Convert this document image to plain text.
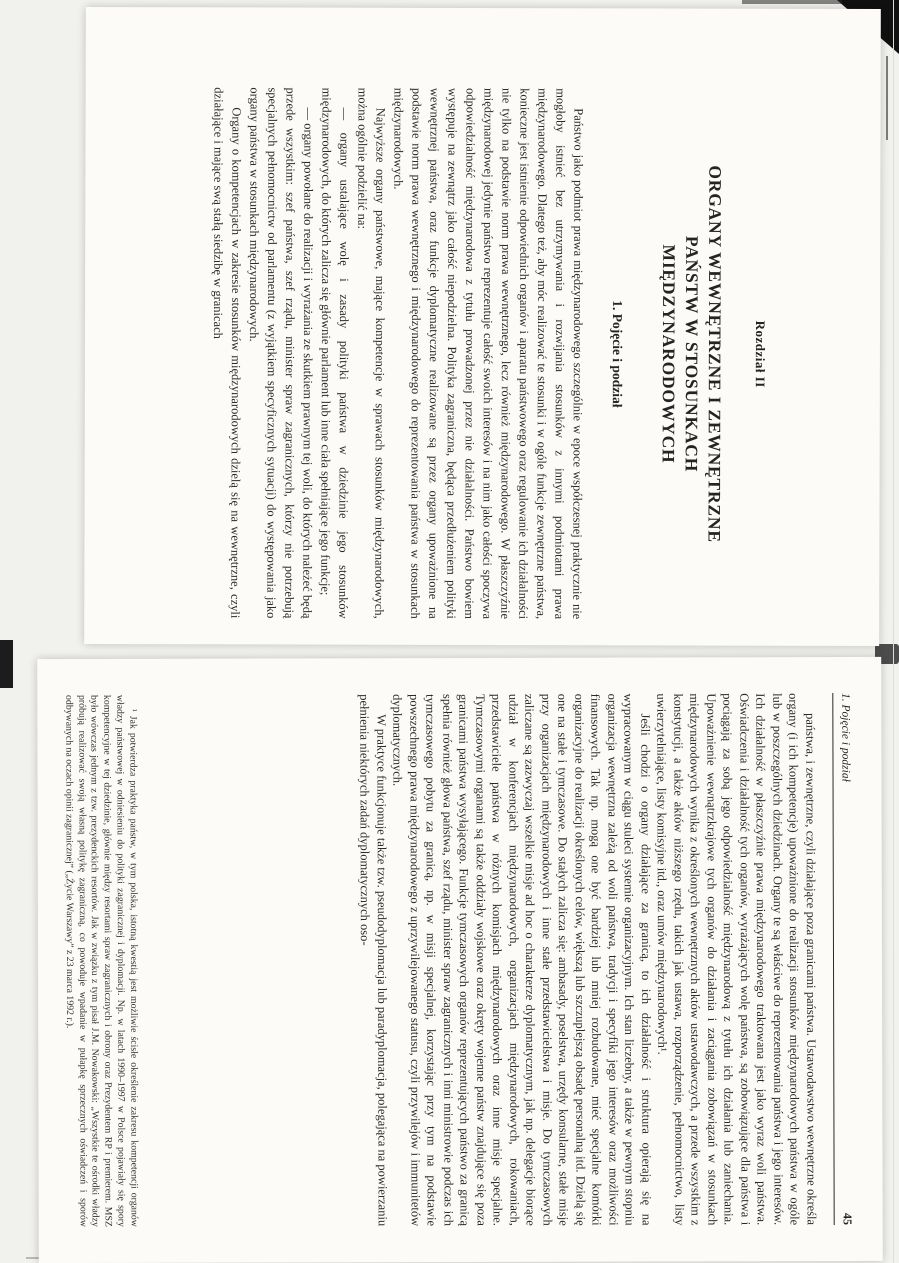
Rozdział II
ORGANY WEWNĘTRZNE I ZEWNĘTRZNE
PAŃSTW W STOSUNKACH
MIĘDZYNARODOWYCH
1. Pojęcie i podział

Państwo jako podmiot prawa międzynarodowego szczególnie w epoce współczesnej praktycznie nie mogłoby istnieć bez utrzymywania i rozwijania stosunków z innymi podmiotami prawa międzynarodowego. Dlatego też, aby móc realizować te stosunki i w ogóle funkcje zewnętrzne państwa, konieczne jest istnienie odpowiednich organów i aparatu państwowego oraz regulowanie ich działalności nie tylko na podstawie norm prawa wewnętrznego, lecz również międzynarodowego. W płaszczyźnie międzynarodowej jedynie państwo reprezentuje całość swoich interesów i na nim jako całości spoczywa odpowiedzialność międzynarodowa z tytułu prowadzonej przez nie działalności. Państwo bowiem występuje na zewnątrz jako całość niepodzielna. Polityka zagraniczna, będąca przedłużeniem polityki wewnętrznej państwa, oraz funkcje dyplomatyczne realizowane są przez organy upoważnione na podstawie norm prawa wewnętrznego i międzynarodowego do reprezentowania państwa w stosunkach międzynarodowych.

Najwyższe organy państwowe, mające kompetencje w sprawach stosunków międzynarodowych, można ogólnie podzielić na:

— organy ustalające wolę i zasady polityki państwa w dziedzinie jego stosunków międzynarodowych, do których zalicza się głównie parlament lub inne ciała spełniające jego funkcje;

— organy powołane do realizacji i wyrażania ze skutkiem prawnym tej woli, do których należeć będą przede wszystkim: szef państwa, szef rządu, minister spraw zagranicznych, którzy nie potrzebują specjalnych pełnomocnictw od parlamentu (z wyjątkiem specyficznych sytuacji) do występowania jako organy państwa w stosunkach międzynarodowych.

Organy o kompetencjach w zakresie stosunków międzynarodowych dzielą się na wewnętrzne, czyli działające i mające swą stałą siedzibę w granicach

1. Pojęcie i podział
45

państwa, i zewnętrzne, czyli działające poza granicami państwa. Ustawodawstwo wewnętrzne określa organy (i ich kompetencje) upoważnione do realizacji stosunków międzynarodowych państwa w ogóle lub w poszczególnych dziedzinach. Organy te są właściwe do reprezentowania państwa i jego interesów. Ich działalność w płaszczyźnie prawa międzynarodowego traktowana jest jako wyraz woli państwa. Oświadczenia i działalność tych organów, wyrażających wolę państwa, są zobowiązujące dla państwa i pociągają za sobą jego odpowiedzialność międzynarodową z tytułu ich działania lub zaniechania. Upoważnienie wewnątrzkrajowe tych organów do działania i zaciągania zobowiązań w stosunkach międzynarodowych wynika z określonych wewnętrznych aktów ustawodawczych, a przede wszystkim z konstytucji, a także aktów niższego rzędu, takich jak ustawa, rozporządzenie, pełnomocnictwo, listy uwierzytelniające, listy komisyjne itd., oraz umów międzynarodowych¹.

Jeśli chodzi o organy działające za granicą, to ich działalność i struktura opierają się na wypracowanym w ciągu stuleci systemie organizacyjnym. Ich stan liczebny, a także w pewnym stopniu organizacja wewnętrzna zależą od woli państwa, tradycji i specyfiki jego interesów oraz możliwości finansowych. Tak np. mogą one być bardziej lub mniej rozbudowane, mieć specjalne komórki organizacyjne do realizacji określonych celów, większą lub szczuplejszą obsadę personalną itd. Dzielą się one na stałe i tymczasowe. Do stałych zalicza się: ambasady, poselstwa, urzędy konsularne, stałe misje przy organizacjach międzynarodowych i inne stałe przedstawicielstwa i misje. Do tymczasowych zaliczane są zazwyczaj wszelkie misje ad hoc o charakterze dyplomatycznym, jak np. delegacje biorące udział w konferencjach międzynarodowych, organizacjach międzynarodowych, rokowaniach, przedstawiciele państwa w różnych komisjach międzynarodowych oraz inne misje specjalne. Tymczasowymi organami są także oddziały wojskowe oraz okręty wojenne państw znajdujące się poza granicami państwa wysyłającego. Funkcje tymczasowych organów reprezentujących państwo za granicą spełnia również głowa państwa, szef rządu, minister spraw zagranicznych i inni ministrowie podczas ich tymczasowego pobytu za granicą, np. w misji specjalnej, korzystając przy tym na podstawie powszechnego prawa międzynarodowego z uprzywilejowanego statusu, czyli przywilejów i immunitetów dyplomatycznych.

W praktyce funkcjonuje także tzw. pseudodyplomacja lub paradyplomacja, polegająca na powierzaniu pełnienia niektórych zadań dyplomatycznych oso-

¹ Jak potwierdza praktyka państw, w tym polska, istotną kwestią jest możliwie ścisłe określenie zakresu kompetencji organów władzy państwowej w odniesieniu do polityki zagranicznej i dyplomacji. Np. w latach 1990–1997 w Polsce pojawiały się spory kompetencyjne w tej dziedzinie, głównie między resortami spraw zagranicznych i obrony oraz Prezydentem RP i premierem. MSZ było wówczas jednym z tzw. prezydenckich resortów. Jak w związku z tym pisał J.M. Nowakowski: „Wszystkie te ośrodki władzy próbują realizować swoją własną politykę zagraniczną, co powoduje wpadanie w pułapkę sprzecznych oświadczeń i sporów odbywanych na oczach opinii zagranicznej” („Życie Warszawy” z 23 marca 1992 r.).
